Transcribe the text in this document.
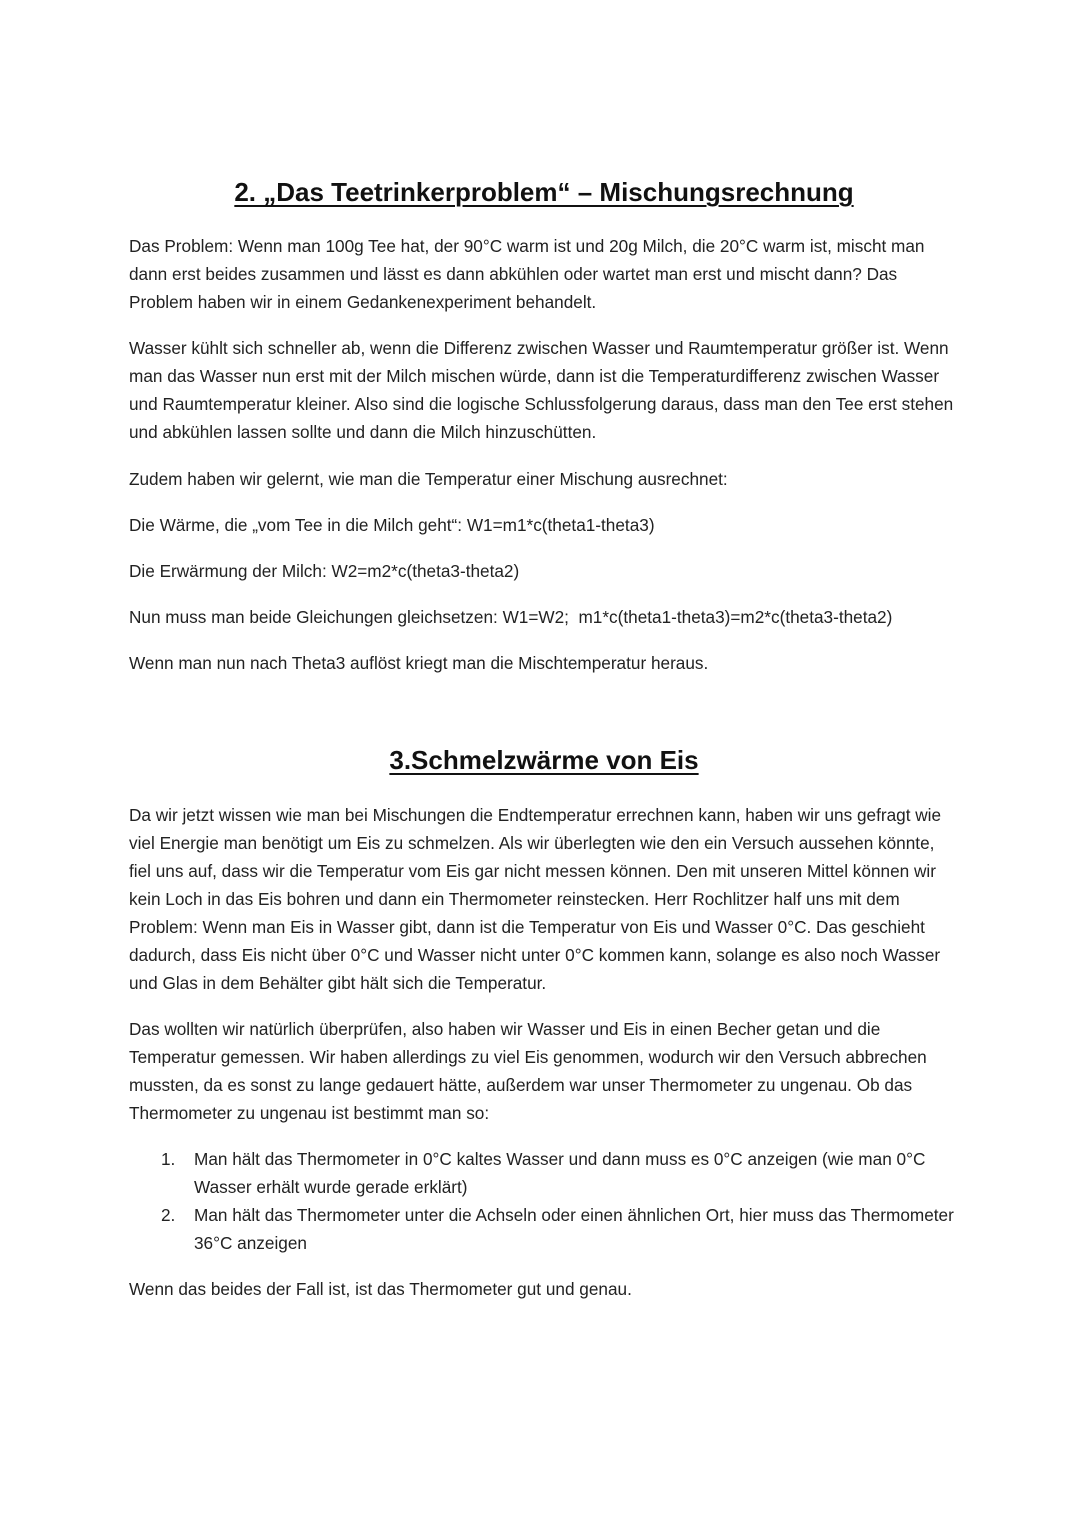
2. „Das Teetrinkerproblem“ – Mischungsrechnung

Das Problem: Wenn man 100g Tee hat, der 90°C warm ist und 20g Milch, die 20°C warm ist, mischt man dann erst beides zusammen und lässt es dann abkühlen oder wartet man erst und mischt dann? Das Problem haben wir in einem Gedankenexperiment behandelt.

Wasser kühlt sich schneller ab, wenn die Differenz zwischen Wasser und Raumtemperatur größer ist. Wenn man das Wasser nun erst mit der Milch mischen würde, dann ist die Temperaturdifferenz zwischen Wasser und Raumtemperatur kleiner. Also sind die logische Schlussfolgerung daraus, dass man den Tee erst stehen und abkühlen lassen sollte und dann die Milch hinzuschütten.

Zudem haben wir gelernt, wie man die Temperatur einer Mischung ausrechnet:

Die Wärme, die „vom Tee in die Milch geht“: W1=m1*c(theta1-theta3)

Die Erwärmung der Milch: W2=m2*c(theta3-theta2)

Nun muss man beide Gleichungen gleichsetzen: W1=W2;  m1*c(theta1-theta3)=m2*c(theta3-theta2)

Wenn man nun nach Theta3 auflöst kriegt man die Mischtemperatur heraus.

3.Schmelzwärme von Eis

Da wir jetzt wissen wie man bei Mischungen die Endtemperatur errechnen kann, haben wir uns gefragt wie viel Energie man benötigt um Eis zu schmelzen. Als wir überlegten wie den ein Versuch aussehen könnte, fiel uns auf, dass wir die Temperatur vom Eis gar nicht messen können. Den mit unseren Mittel können wir kein Loch in das Eis bohren und dann ein Thermometer reinstecken. Herr Rochlitzer half uns mit dem Problem: Wenn man Eis in Wasser gibt, dann ist die Temperatur von Eis und Wasser 0°C. Das geschieht dadurch, dass Eis nicht über 0°C und Wasser nicht unter 0°C kommen kann, solange es also noch Wasser und Glas in dem Behälter gibt hält sich die Temperatur.

Das wollten wir natürlich überprüfen, also haben wir Wasser und Eis in einen Becher getan und die Temperatur gemessen. Wir haben allerdings zu viel Eis genommen, wodurch wir den Versuch abbrechen mussten, da es sonst zu lange gedauert hätte, außerdem war unser Thermometer zu ungenau. Ob das Thermometer zu ungenau ist bestimmt man so:

1. Man hält das Thermometer in 0°C kaltes Wasser und dann muss es 0°C anzeigen (wie man 0°C Wasser erhält wurde gerade erklärt)
2. Man hält das Thermometer unter die Achseln oder einen ähnlichen Ort, hier muss das Thermometer 36°C anzeigen

Wenn das beides der Fall ist, ist das Thermometer gut und genau.
